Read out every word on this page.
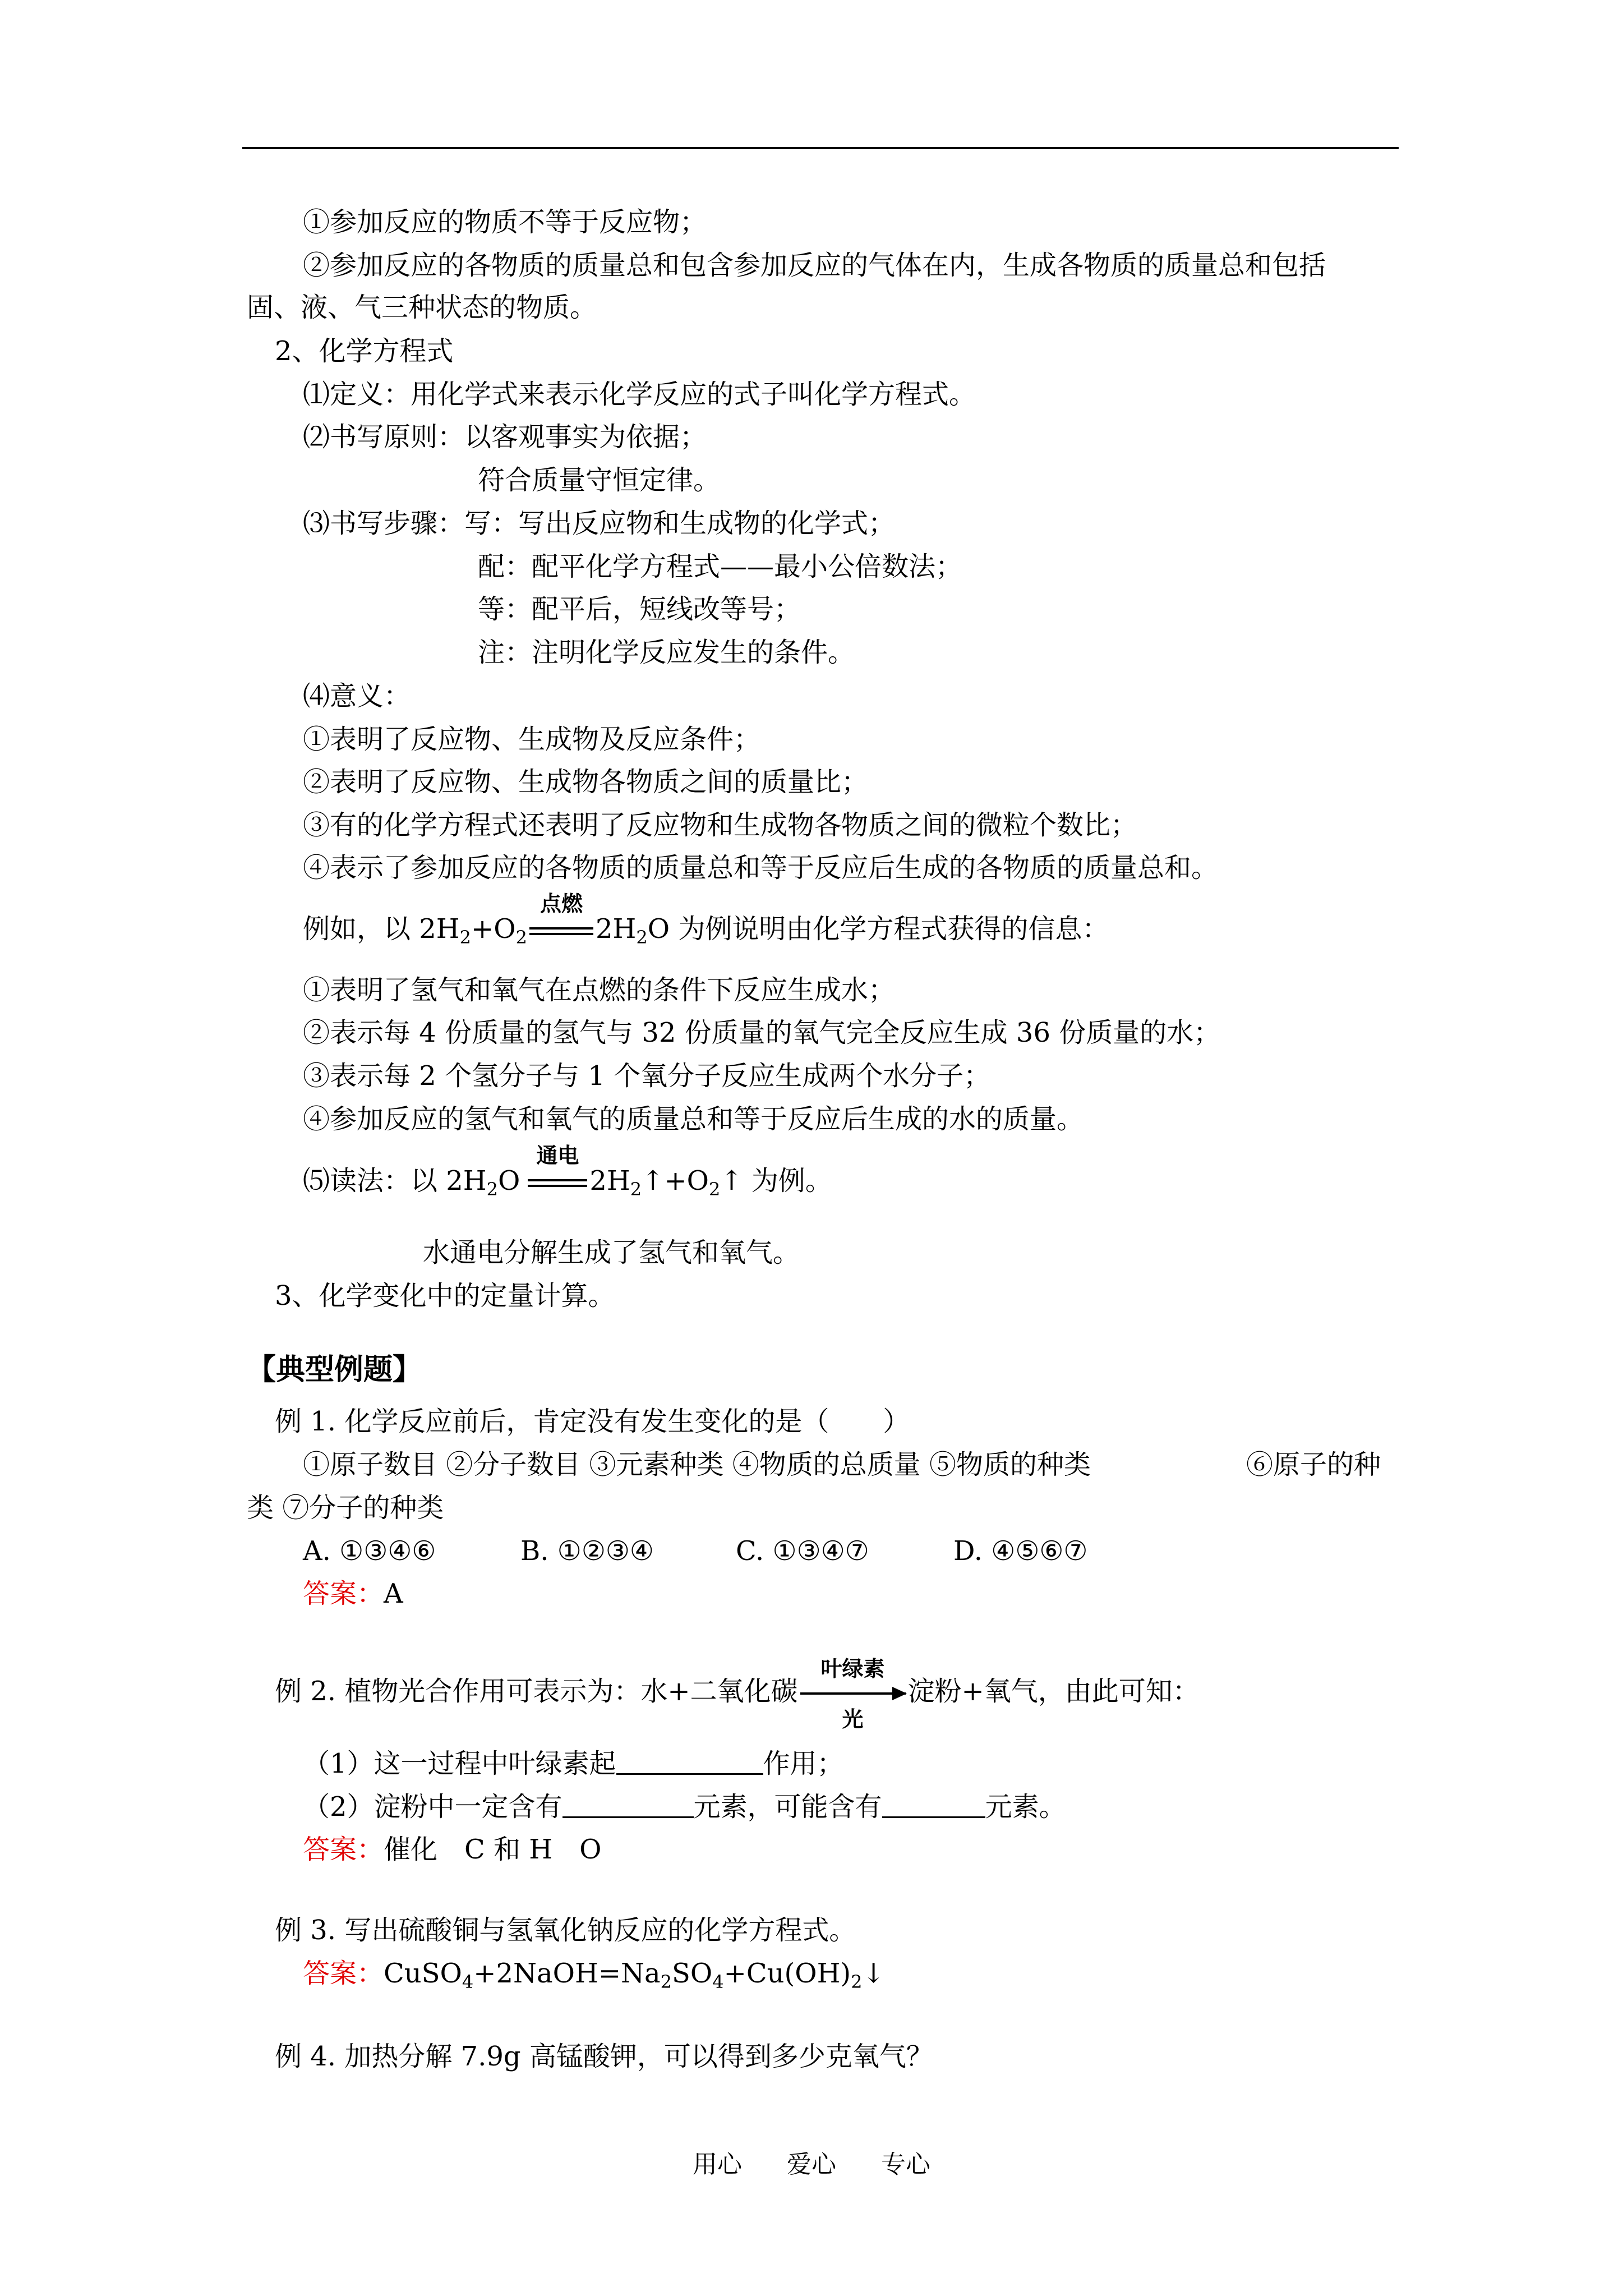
①参加反应的物质不等于反应物；
②参加反应的各物质的质量总和包含参加反应的气体在内，生成各物质的质量总和包括
固、液、气三种状态的物质。
2、化学方程式
⑴定义：用化学式来表示化学反应的式子叫化学方程式。
⑵书写原则：以客观事实为依据；
符合质量守恒定律。
⑶书写步骤：写：写出反应物和生成物的化学式；
配：配平化学方程式——最小公倍数法；
等：配平后，短线改等号；
注：注明化学反应发生的条件。
⑷意义：
①表明了反应物、生成物及反应条件；
②表明了反应物、生成物各物质之间的质量比；
③有的化学方程式还表明了反应物和生成物各物质之间的微粒个数比；
④表示了参加反应的各物质的质量总和等于反应后生成的各物质的质量总和。
例如，以 $2H_2+O_2$
点燃
$2H_2O$ 为例说明由化学方程式获得的信息：
①表明了氢气和氧气在点燃的条件下反应生成水；
②表示每 4 份质量的氢气与 32 份质量的氧气完全反应生成 36 份质量的水；
③表示每 2 个氢分子与 1 个氧分子反应生成两个水分子；
④参加反应的氢气和氧气的质量总和等于反应后生成的水的质量。
⑸读法：以 $2H_2O$
通电
$2H_2↑+O_2↑$ 为例。
水通电分解生成了氢气和氧气。
3、化学变化中的定量计算。
【典型例题】
例 1. 化学反应前后，肯定没有发生变化的是（　　）
①原子数目 ②分子数目 ③元素种类 ④物质的总质量 ⑤物质的种类	⑥原子的种
类 ⑦分子的种类
A. ①③④⑥	B. ①②③④	C. ①③④⑦	D. ④⑤⑥⑦
答案：A
例 2. 植物光合作用可表示为：水+二氧化碳
叶绿素
光
淀粉+氧气，由此可知：
（1）这一过程中叶绿素起	作用；
（2）淀粉中一定含有	元素，可能含有	元素。
答案：催化　C 和 H　O
例 3. 写出硫酸铜与氢氧化钠反应的化学方程式。
答案：$CuSO_4+2NaOH=Na_2SO_4+Cu(OH)_2↓$
例 4. 加热分解 7.9g 高锰酸钾，可以得到多少克氧气？
用心 爱心 专心
